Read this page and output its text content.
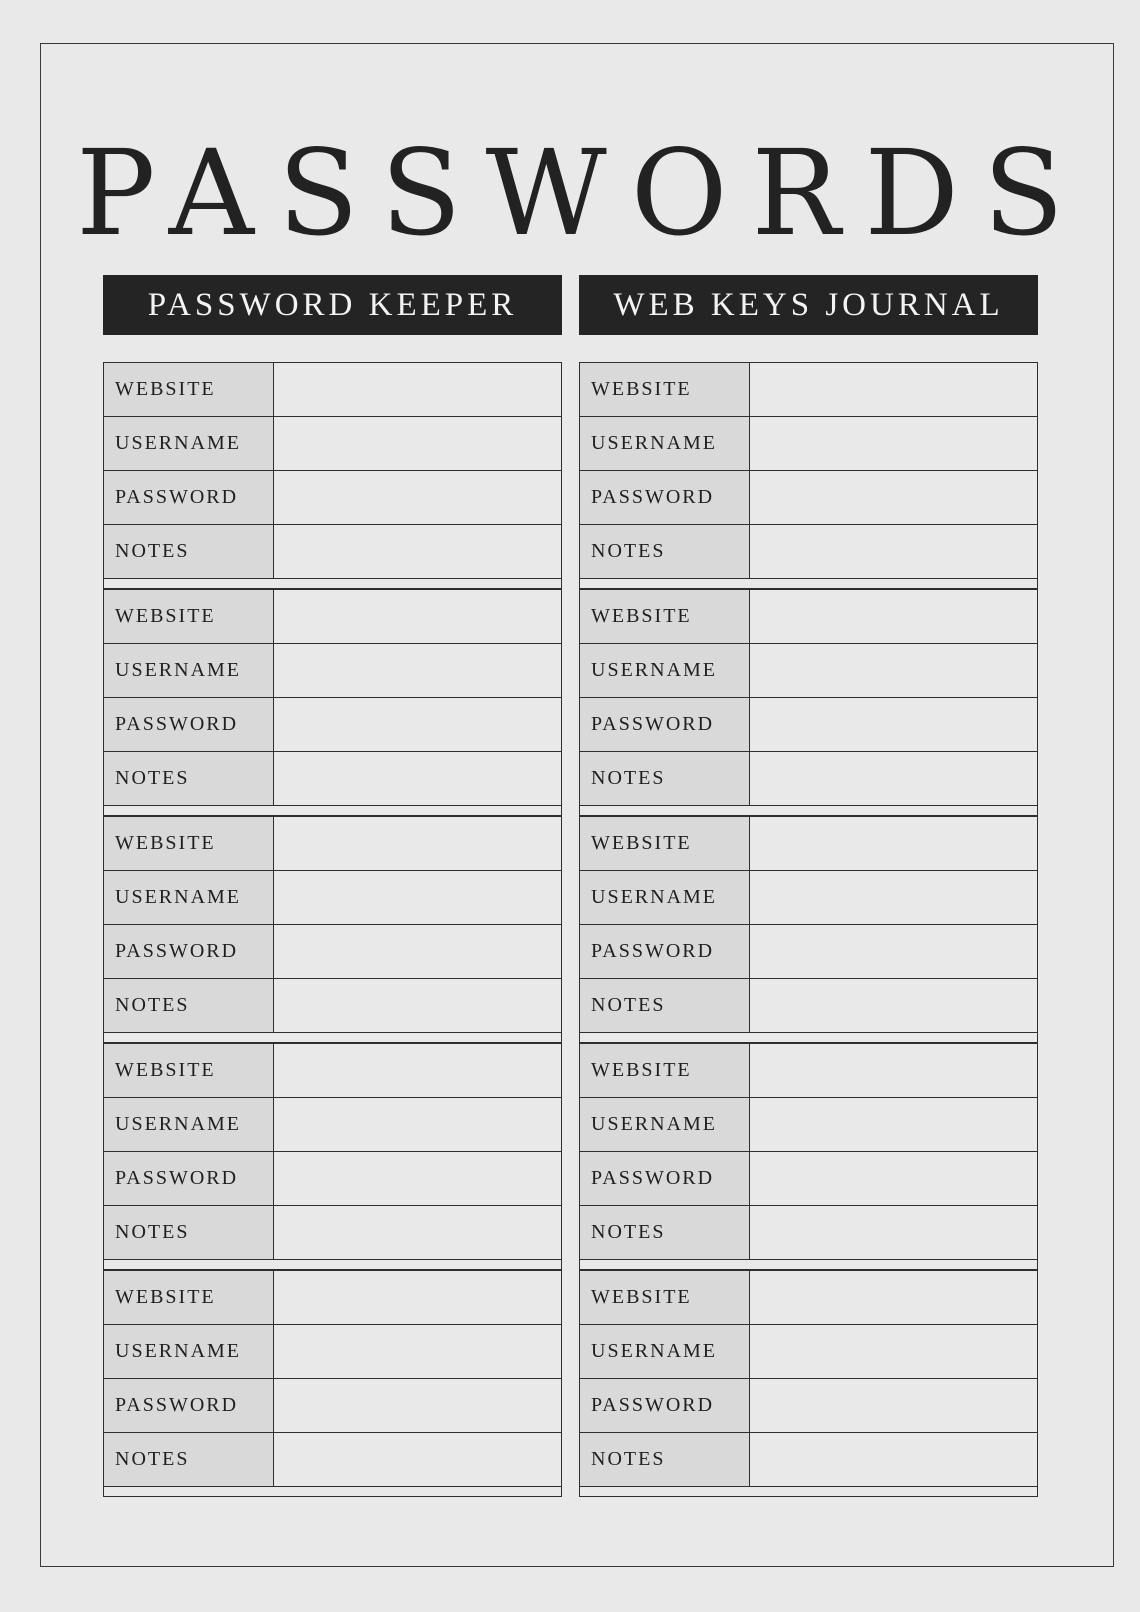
PASSWORDS
PASSWORD KEEPER	WEB KEYS JOURNAL
WEBSITE
USERNAME
PASSWORD
NOTES
WEBSITE
USERNAME
PASSWORD
NOTES
WEBSITE
USERNAME
PASSWORD
NOTES
WEBSITE
USERNAME
PASSWORD
NOTES
WEBSITE
USERNAME
PASSWORD
NOTES
WEBSITE
USERNAME
PASSWORD
NOTES
WEBSITE
USERNAME
PASSWORD
NOTES
WEBSITE
USERNAME
PASSWORD
NOTES
WEBSITE
USERNAME
PASSWORD
NOTES
WEBSITE
USERNAME
PASSWORD
NOTES
